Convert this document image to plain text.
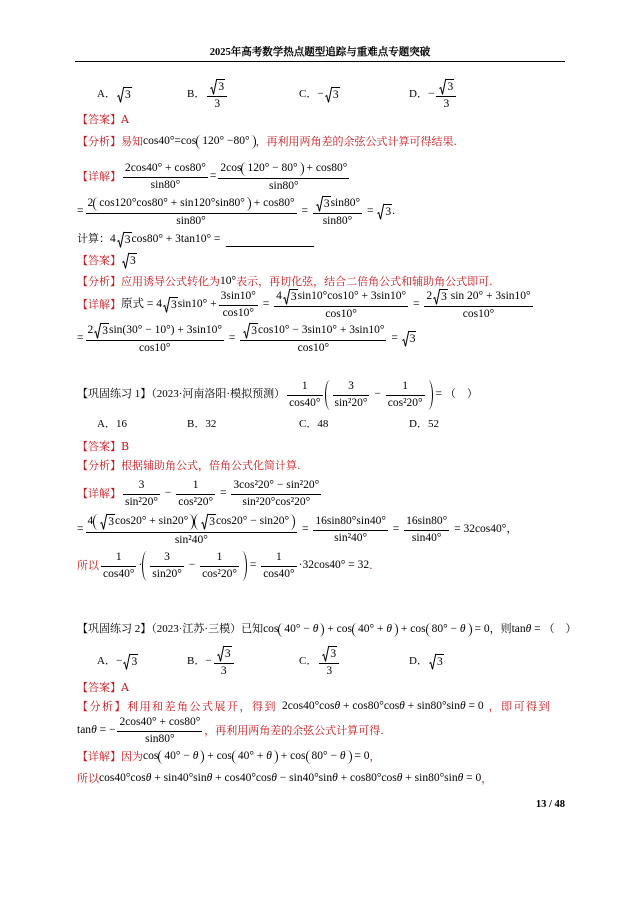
2025年高考数学热点题型追踪与重难点专题突破
A． 3	B． $\frac{3}{3}$	C． − 3	D． − $\frac{3}{3}$
【答案】A
【分析】易知 cos40°=cos 120° −80° ，再利用两角差的余弦公式计算可得结果.
【详解】 $\frac{2\cos 40^\circ + \cos 80^\circ}{\sin 80^\circ} = \frac{2\cos 120^\circ - 80^\circ + \cos 80^\circ}{\sin 80^\circ}$
= $\frac{2 \cos 120^\circ\cos 80^\circ + \sin 120^\circ\sin 80^\circ + \cos 80^\circ}{\sin 80^\circ} = \frac{3 \sin 80^\circ}{\sin 80^\circ} = 3$ .
计算： 4 3 cos80° + 3tan10° =
【答案】 3
【分析】应用诱导公式转化为 10° 表示，再切化弦，结合二倍角公式和辅助角公式即可.
【详解】 原式 = 4 3 $\sin 10^\circ + \frac{3\sin 10^\circ}{\cos 10^\circ} = \frac{4 3 \sin 10^\circ\cos 10^\circ + 3\sin 10^\circ}{\cos 10^\circ} = \frac{2 3 \sin 20^\circ + 3\sin 10^\circ}{\cos 10^\circ}$
= $\frac{2 3 \sin(30^\circ - 10^\circ) + 3\sin 10^\circ}{\cos 10^\circ} = \frac{3 \cos 10^\circ - 3\sin 10^\circ + 3\sin 10^\circ}{\cos 10^\circ} = 3$
【巩固练习 1】（2023·河南洛阳·模拟预测） $\frac{1}{\cos 40^\circ} \frac{3}{\text{sin²20°}} - \frac{1}{\text{cos²20°}}$ = （　）
A．16	B．32	C．48	D．52
【答案】B
【分析】根据辅助角公式，倍角公式化简计算.
【详解】 $\frac{3}{\text{sin²20°}} - \frac{1}{\text{cos²20°}} = \frac{\text{3cos²20° − sin²20°}}{\text{sin²20°cos²20°}}$
= $\frac{4 3 \cos 20^\circ + \sin 20^\circ 3 \cos 20^\circ - \sin 20^\circ}{\text{sin²40°}} = \frac{16\sin 80^\circ\sin 40^\circ}{\text{sin²40°}} = \frac{16\sin 80^\circ}{\sin 40^\circ} = 32\cos 40^\circ$，
所以 $\frac{1}{\cos 40^\circ} \cdot \frac{3}{\sin 20^\circ} - \frac{1}{\text{cos²20°}} = \frac{1}{\cos 40^\circ} \cdot 32\cos 40^\circ = 32$ .
【巩固练习 2】（2023·江苏·三模）已知 cos 40° − θ + cos 40° + θ + cos 80° − θ = 0 ，则 tan θ = （　）
A． − 3	B． − $\frac{3}{3}$	C． $\frac{3}{3}$	D． 3
【答案】A
【分析】利用和差角公式展开，得到 2cos40°cos θ + cos80°cos θ + sin80°sin θ = 0 ，即可得到
tan θ = − $\frac{2\cos 40^\circ + \cos 80^\circ}{\sin 80^\circ}$ ，再利用两角差的余弦公式计算可得.
【详解】因为 cos 40° − θ + cos 40° + θ + cos 80° − θ = 0 ，
所以 cos40°cos θ + sin40°sin θ + cos40°cos θ − sin40°sin θ + cos80°cos θ + sin80°sin θ = 0 ，
13 / 48
